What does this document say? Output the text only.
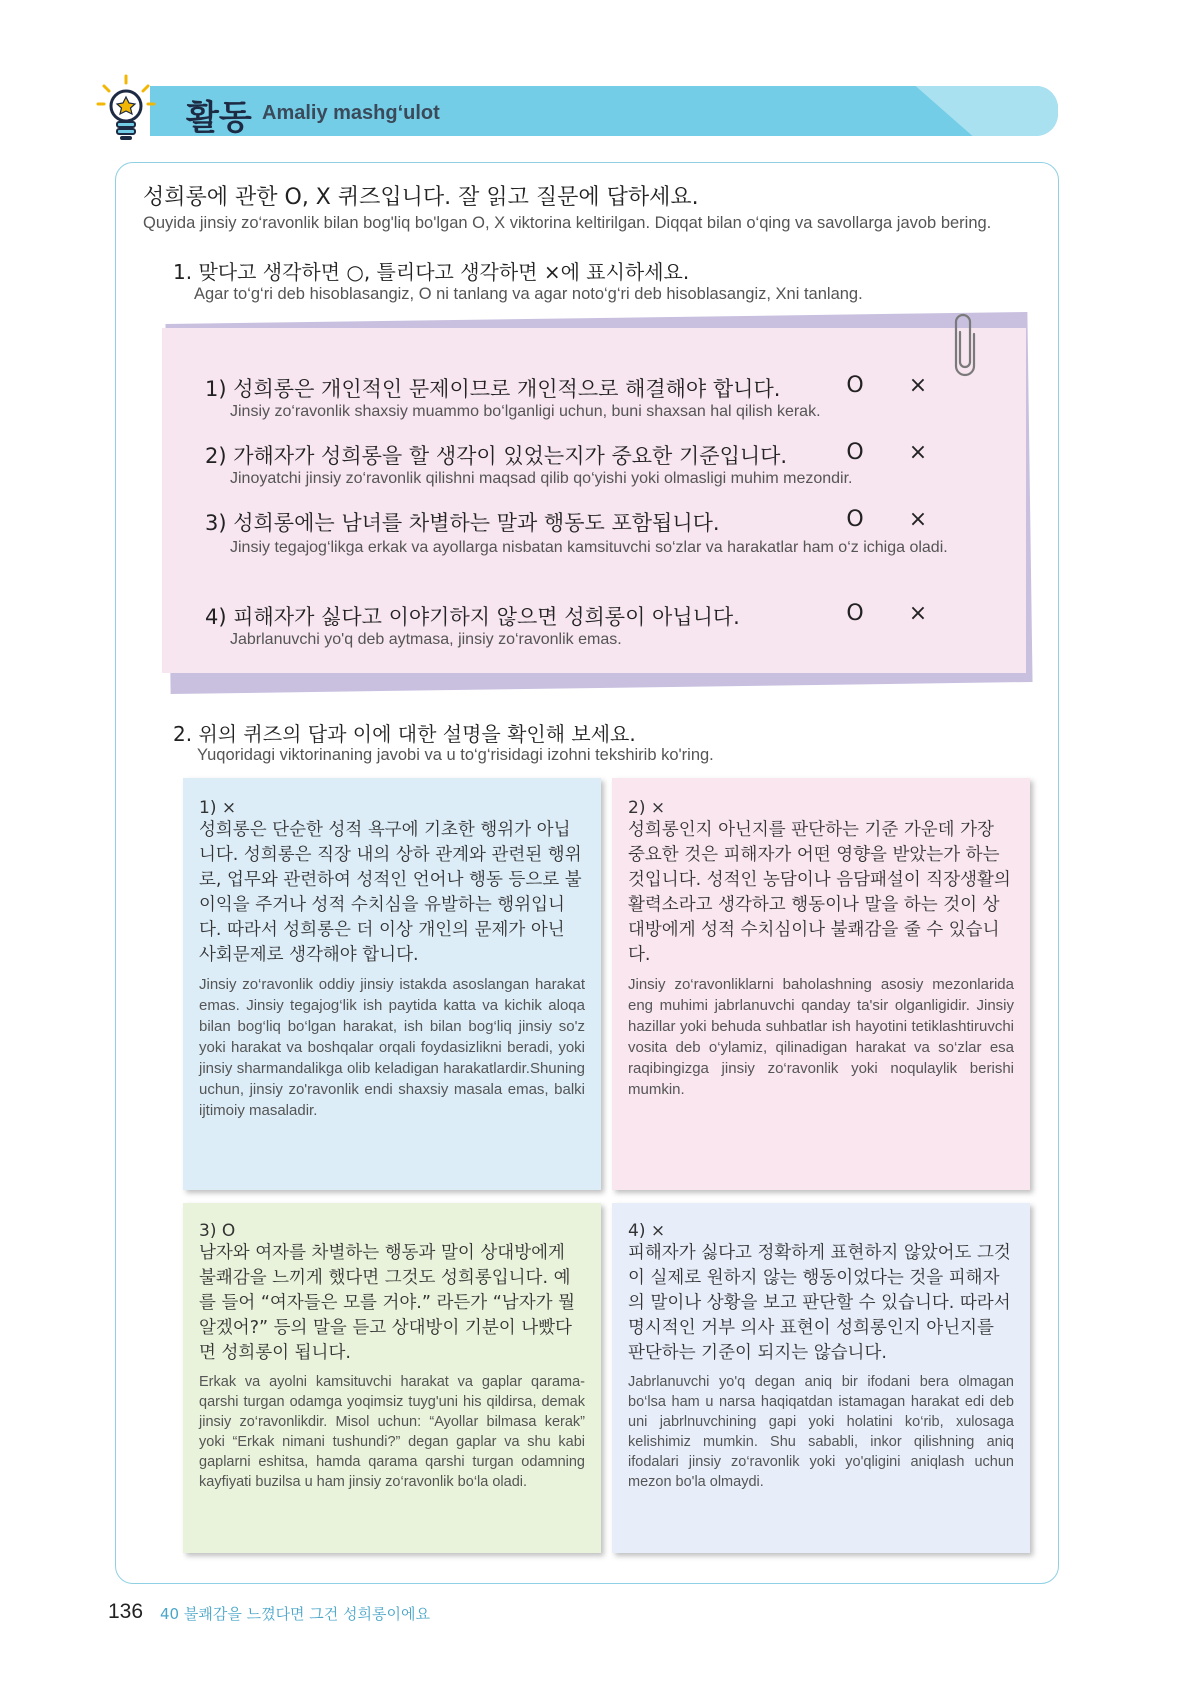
활동 Amaliy mashg‘ulot
성희롱에 관한 O, X 퀴즈입니다. 잘 읽고 질문에 답하세요.
Quyida jinsiy zo‘ravonlik bilan bog'liq bo'lgan O, X viktorina keltirilgan. Diqqat bilan o‘qing va savollarga javob bering.
1. 맞다고 생각하면 ○, 틀리다고 생각하면 ×에 표시하세요.
Agar to‘g‘ri deb hisoblasangiz, O ni tanlang va agar noto‘g‘ri deb hisoblasangiz, Xni tanlang.
1) 성희롱은 개인적인 문제이므로 개인적으로 해결해야 합니다.
Jinsiy zo‘ravonlik shaxsiy muammo bo‘lganligi uchun, buni shaxsan hal qilish kerak.
O ×
2) 가해자가 성희롱을 할 생각이 있었는지가 중요한 기준입니다.
Jinoyatchi jinsiy zo‘ravonlik qilishni maqsad qilib qo‘yishi yoki olmasligi muhim mezondir.
O ×
3) 성희롱에는 남녀를 차별하는 말과 행동도 포함됩니다.
Jinsiy tegajog‘likga erkak va ayollarga nisbatan kamsituvchi so‘zlar va harakatlar ham o‘z ichiga oladi.
O ×
4) 피해자가 싫다고 이야기하지 않으면 성희롱이 아닙니다.
Jabrlanuvchi yo'q deb aytmasa, jinsiy zo‘ravonlik emas.
O ×
2. 위의 퀴즈의 답과 이에 대한 설명을 확인해 보세요.
Yuqoridagi viktorinaning javobi va u to‘g‘risidagi izohni tekshirib ko'ring.
1) ×
성희롱은 단순한 성적 욕구에 기초한 행위가 아닙니다. 성희롱은 직장 내의 상하 관계와 관련된 행위로, 업무와 관련하여 성적인 언어나 행동 등으로 불이익을 주거나 성적 수치심을 유발하는 행위입니다. 따라서 성희롱은 더 이상 개인의 문제가 아닌 사회문제로 생각해야 합니다.
Jinsiy zo‘ravonlik oddiy jinsiy istakda asoslangan harakat emas. Jinsiy tegajog‘lik ish paytida katta va kichik aloqa bilan bog‘liq bo‘lgan harakat, ish bilan bog‘liq jinsiy so'z yoki harakat va boshqalar orqali foydasizlikni beradi, yoki jinsiy sharmandalikga olib keladigan harakatlardir.Shuning uchun, jinsiy zo'ravonlik endi shaxsiy masala emas, balki ijtimoiy masaladir.
2) ×
성희롱인지 아닌지를 판단하는 기준 가운데 가장 중요한 것은 피해자가 어떤 영향을 받았는가 하는 것입니다. 성적인 농담이나 음담패설이 직장생활의 활력소라고 생각하고 행동이나 말을 하는 것이 상대방에게 성적 수치심이나 불쾌감을 줄 수 있습니다.
Jinsiy zo‘ravonliklarni baholashning asosiy mezonlarida eng muhimi jabrlanuvchi qanday ta'sir olganligidir. Jinsiy hazillar yoki behuda suhbatlar ish hayotini tetiklashtiruvchi vosita deb o‘ylamiz, qilinadigan harakat va so‘zlar esa raqibingizga jinsiy zo‘ravonlik yoki noqulaylik berishi mumkin.
3) O
남자와 여자를 차별하는 행동과 말이 상대방에게 불쾌감을 느끼게 했다면 그것도 성희롱입니다. 예를 들어 “여자들은 모를 거야.” 라든가 “남자가 뭘 알겠어?” 등의 말을 듣고 상대방이 기분이 나빴다면 성희롱이 됩니다.
Erkak va ayolni kamsituvchi harakat va gaplar qarama-qarshi turgan odamga yoqimsiz tuyg'uni his qildirsa, demak jinsiy zo‘ravonlikdir. Misol uchun: “Ayollar bilmasa kerak” yoki “Erkak nimani tushundi?” degan gaplar va shu kabi gaplarni eshitsa, hamda qarama qarshi turgan odamning kayfiyati buzilsa u ham jinsiy zo‘ravonlik bo‘la oladi.
4) ×
피해자가 싫다고 정확하게 표현하지 않았어도 그것이 실제로 원하지 않는 행동이었다는 것을 피해자의 말이나 상황을 보고 판단할 수 있습니다. 따라서 명시적인 거부 의사 표현이 성희롱인지 아닌지를 판단하는 기준이 되지는 않습니다.
Jabrlanuvchi yo'q degan aniq bir ifodani bera olmagan bo‘lsa ham u narsa haqiqatdan istamagan harakat edi deb uni jabrlnuvchining gapi yoki holatini ko‘rib, xulosaga kelishimiz mumkin. Shu sababli, inkor qilishning aniq ifodalari jinsiy zo‘ravonlik yoki yo'qligini aniqlash uchun mezon bo'la olmaydi.
136 40 불쾌감을 느꼈다면 그건 성희롱이에요
